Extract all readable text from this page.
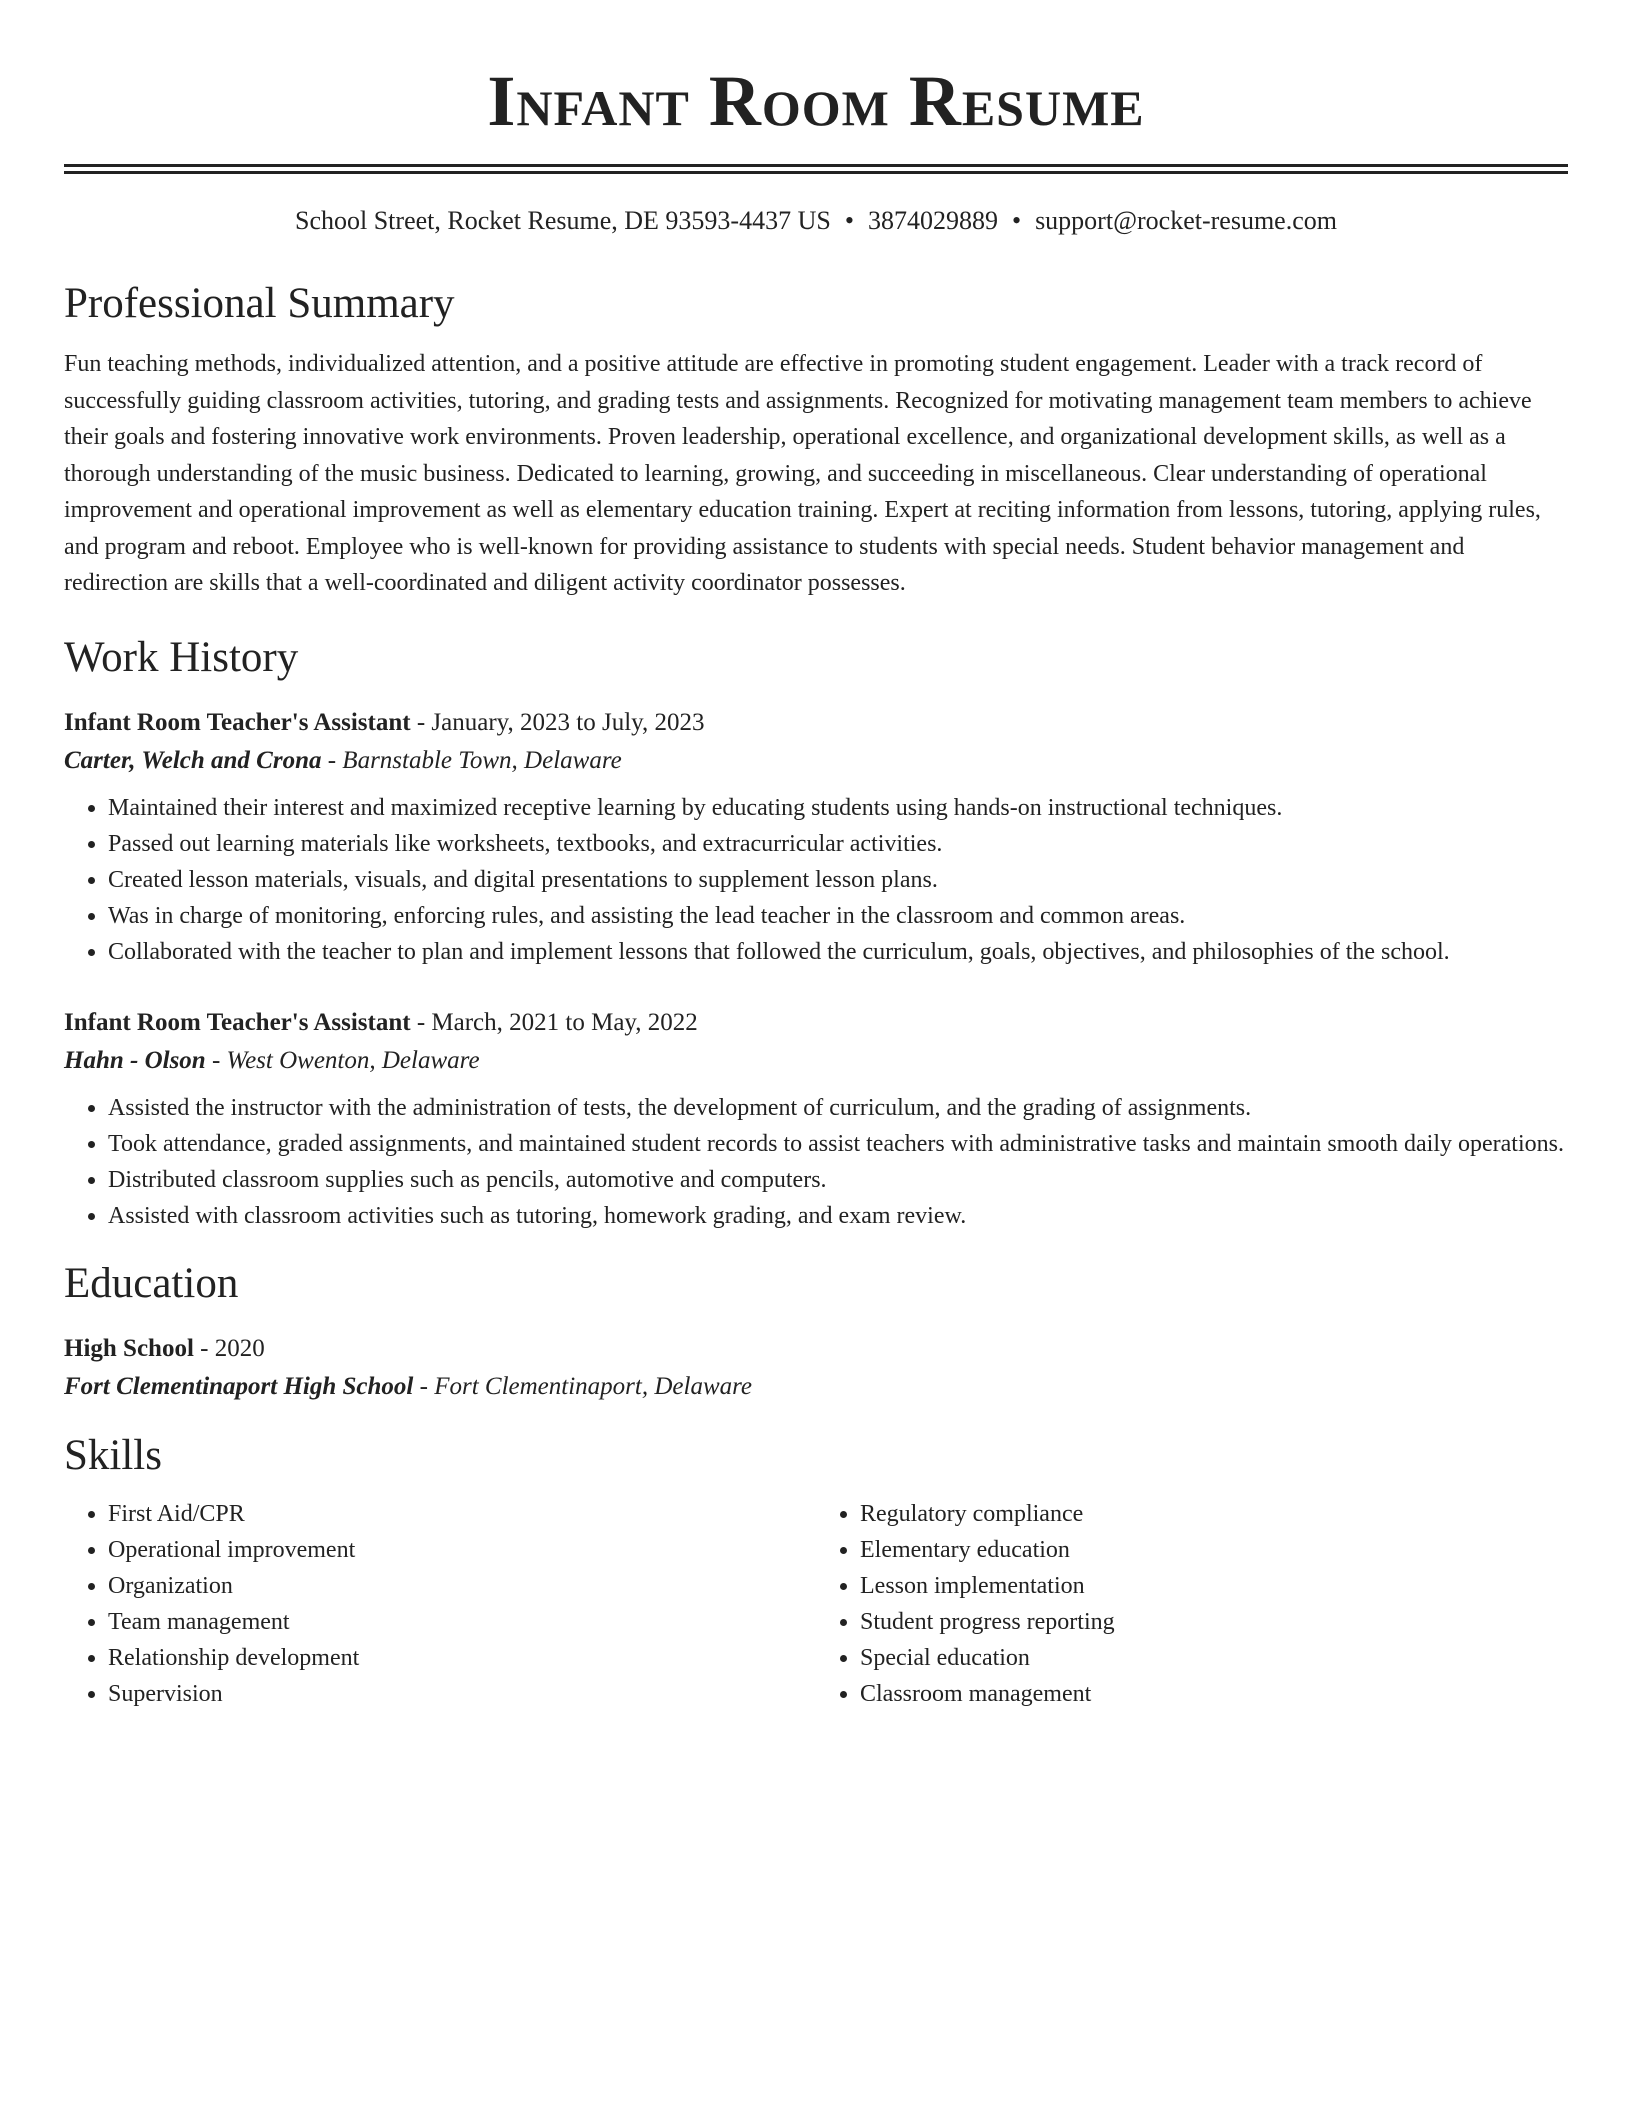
Infant Room Resume
School Street, Rocket Resume, DE 93593-4437 US • 3874029889 • support@rocket-resume.com
Professional Summary

Fun teaching methods, individualized attention, and a positive attitude are effective in promoting student engagement. Leader with a track record of successfully guiding classroom activities, tutoring, and grading tests and assignments. Recognized for motivating management team members to achieve their goals and fostering innovative work environments. Proven leadership, operational excellence, and organizational development skills, as well as a thorough understanding of the music business. Dedicated to learning, growing, and succeeding in miscellaneous. Clear understanding of operational improvement and operational improvement as well as elementary education training. Expert at reciting information from lessons, tutoring, applying rules, and program and reboot. Employee who is well-known for providing assistance to students with special needs. Student behavior management and redirection are skills that a well-coordinated and diligent activity coordinator possesses.

Work History
Infant Room Teacher's Assistant - January, 2023 to July, 2023
Carter, Welch and Crona - Barnstable Town, Delaware
• Maintained their interest and maximized receptive learning by educating students using hands-on instructional techniques.
• Passed out learning materials like worksheets, textbooks, and extracurricular activities.
• Created lesson materials, visuals, and digital presentations to supplement lesson plans.
• Was in charge of monitoring, enforcing rules, and assisting the lead teacher in the classroom and common areas.
• Collaborated with the teacher to plan and implement lessons that followed the curriculum, goals, objectives, and philosophies of the school.
Infant Room Teacher's Assistant - March, 2021 to May, 2022
Hahn - Olson - West Owenton, Delaware
• Assisted the instructor with the administration of tests, the development of curriculum, and the grading of assignments.
• Took attendance, graded assignments, and maintained student records to assist teachers with administrative tasks and maintain smooth daily operations.
• Distributed classroom supplies such as pencils, automotive and computers.
• Assisted with classroom activities such as tutoring, homework grading, and exam review.
Education
High School - 2020
Fort Clementinaport High School - Fort Clementinaport, Delaware
Skills
• First Aid/CPR
• Operational improvement
• Organization
• Team management
• Relationship development
• Supervision
• Regulatory compliance
• Elementary education
• Lesson implementation
• Student progress reporting
• Special education
• Classroom management
